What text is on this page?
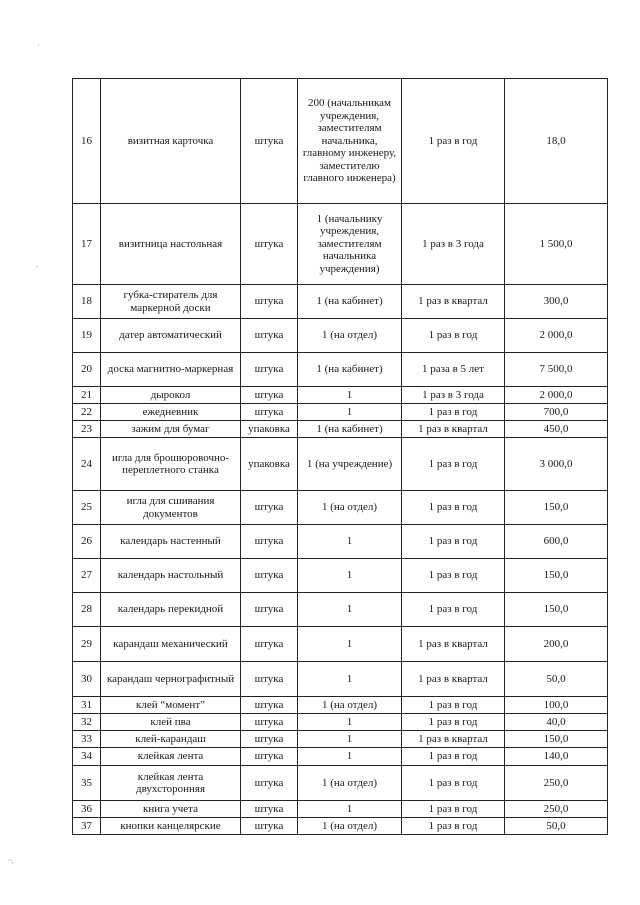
'
,
~,
16	визитная карточка	штука	200 (начальникам учреждения, заместителям начальника, главному инженеру, заместителю главного инженера)	1 раз в год	18,0
17	визитница настольная	штука	1 (начальнику учреждения, заместителям начальника учреждения)	1 раз в 3 года	1 500,0
18	губка-стиратель для маркерной доски	штука	1 (на кабинет)	1 раз в квартал	300,0
19	датер автоматический	штука	1 (на отдел)	1 раз в год	2 000,0
20	доска магнитно-маркерная	штука	1 (на кабинет)	1 раза в 5 лет	7 500,0
21	дырокол	штука	1	1 раз в 3 года	2 000,0
22	ежедневник	штука	1	1 раз в год	700,0
23	зажим для бумаг	упаковка	1 (на кабинет)	1 раз в квартал	450,0
24	игла для брошюровочно-переплетного станка	упаковка	1 (на учреждение)	1 раз в год	3 000,0
25	игла для сшивания документов	штука	1 (на отдел)	1 раз в год	150,0
26	календарь настенный	штука	1	1 раз в год	600,0
27	календарь настольный	штука	1	1 раз в год	150,0
28	календарь перекидной	штука	1	1 раз в год	150,0
29	карандаш механический	штука	1	1 раз в квартал	200,0
30	карандаш черногрaфитный	штука	1	1 раз в квартал	50,0
31	клей “момент”	штука	1 (на отдел)	1 раз в год	100,0
32	клей пва	штука	1	1 раз в год	40,0
33	клей-карандаш	штука	1	1 раз в квартал	150,0
34	клейкая лента	штука	1	1 раз в год	140,0
35	клейкая лента двухсторонняя	штука	1 (на отдел)	1 раз в год	250,0
36	книга учета	штука	1	1 раз в год	250,0
37	кнопки канцелярские	штука	1 (на отдел)	1 раз в год	50,0
